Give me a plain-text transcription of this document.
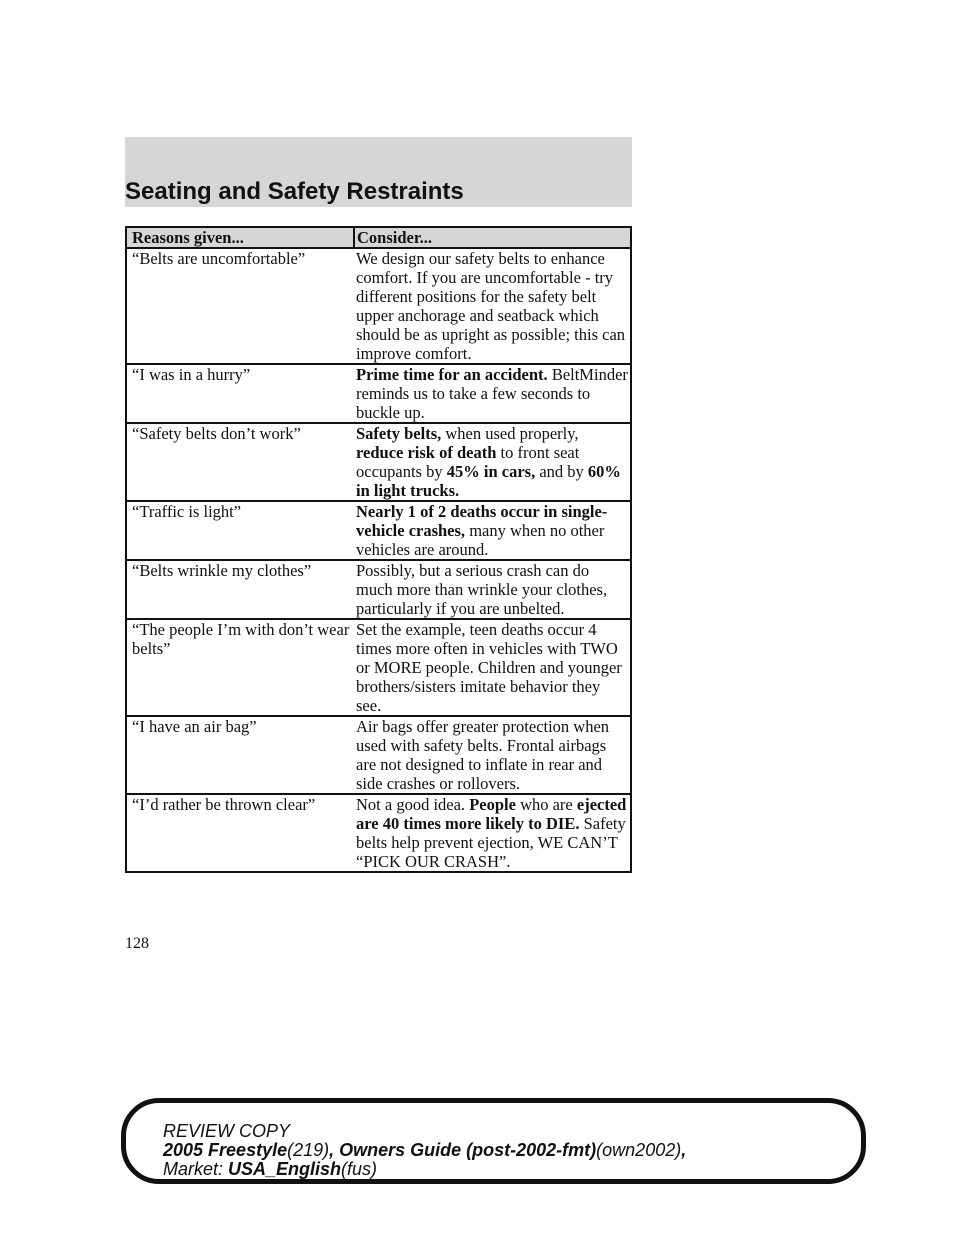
Seating and Safety Restraints
Reasons given...	Consider...
“Belts are uncomfortable”	We design our safety belts to enhance comfort. If you are uncomfortable - try different positions for the safety belt upper anchorage and seatback which should be as upright as possible; this can improve comfort.
“I was in a hurry”	Prime time for an accident. BeltMinder reminds us to take a few seconds to buckle up.
“Safety belts don’t work”	Safety belts, when used properly, reduce risk of death to front seat occupants by 45% in cars, and by 60% in light trucks.
“Traffic is light”	Nearly 1 of 2 deaths occur in single-vehicle crashes, many when no other vehicles are around.
“Belts wrinkle my clothes”	Possibly, but a serious crash can do much more than wrinkle your clothes, particularly if you are unbelted.
“The people I’m with don’t wear belts”	Set the example, teen deaths occur 4 times more often in vehicles with TWO or MORE people. Children and younger brothers/sisters imitate behavior they see.
“I have an air bag”	Air bags offer greater protection when used with safety belts. Frontal airbags are not designed to inflate in rear and side crashes or rollovers.
“I’d rather be thrown clear”	Not a good idea. People who are ejected are 40 times more likely to DIE. Safety belts help prevent ejection, WE CAN’T “PICK OUR CRASH”.
128
REVIEW COPY
2005 Freestyle(219), Owners Guide (post-2002-fmt)(own2002),
Market: USA_English(fus)
